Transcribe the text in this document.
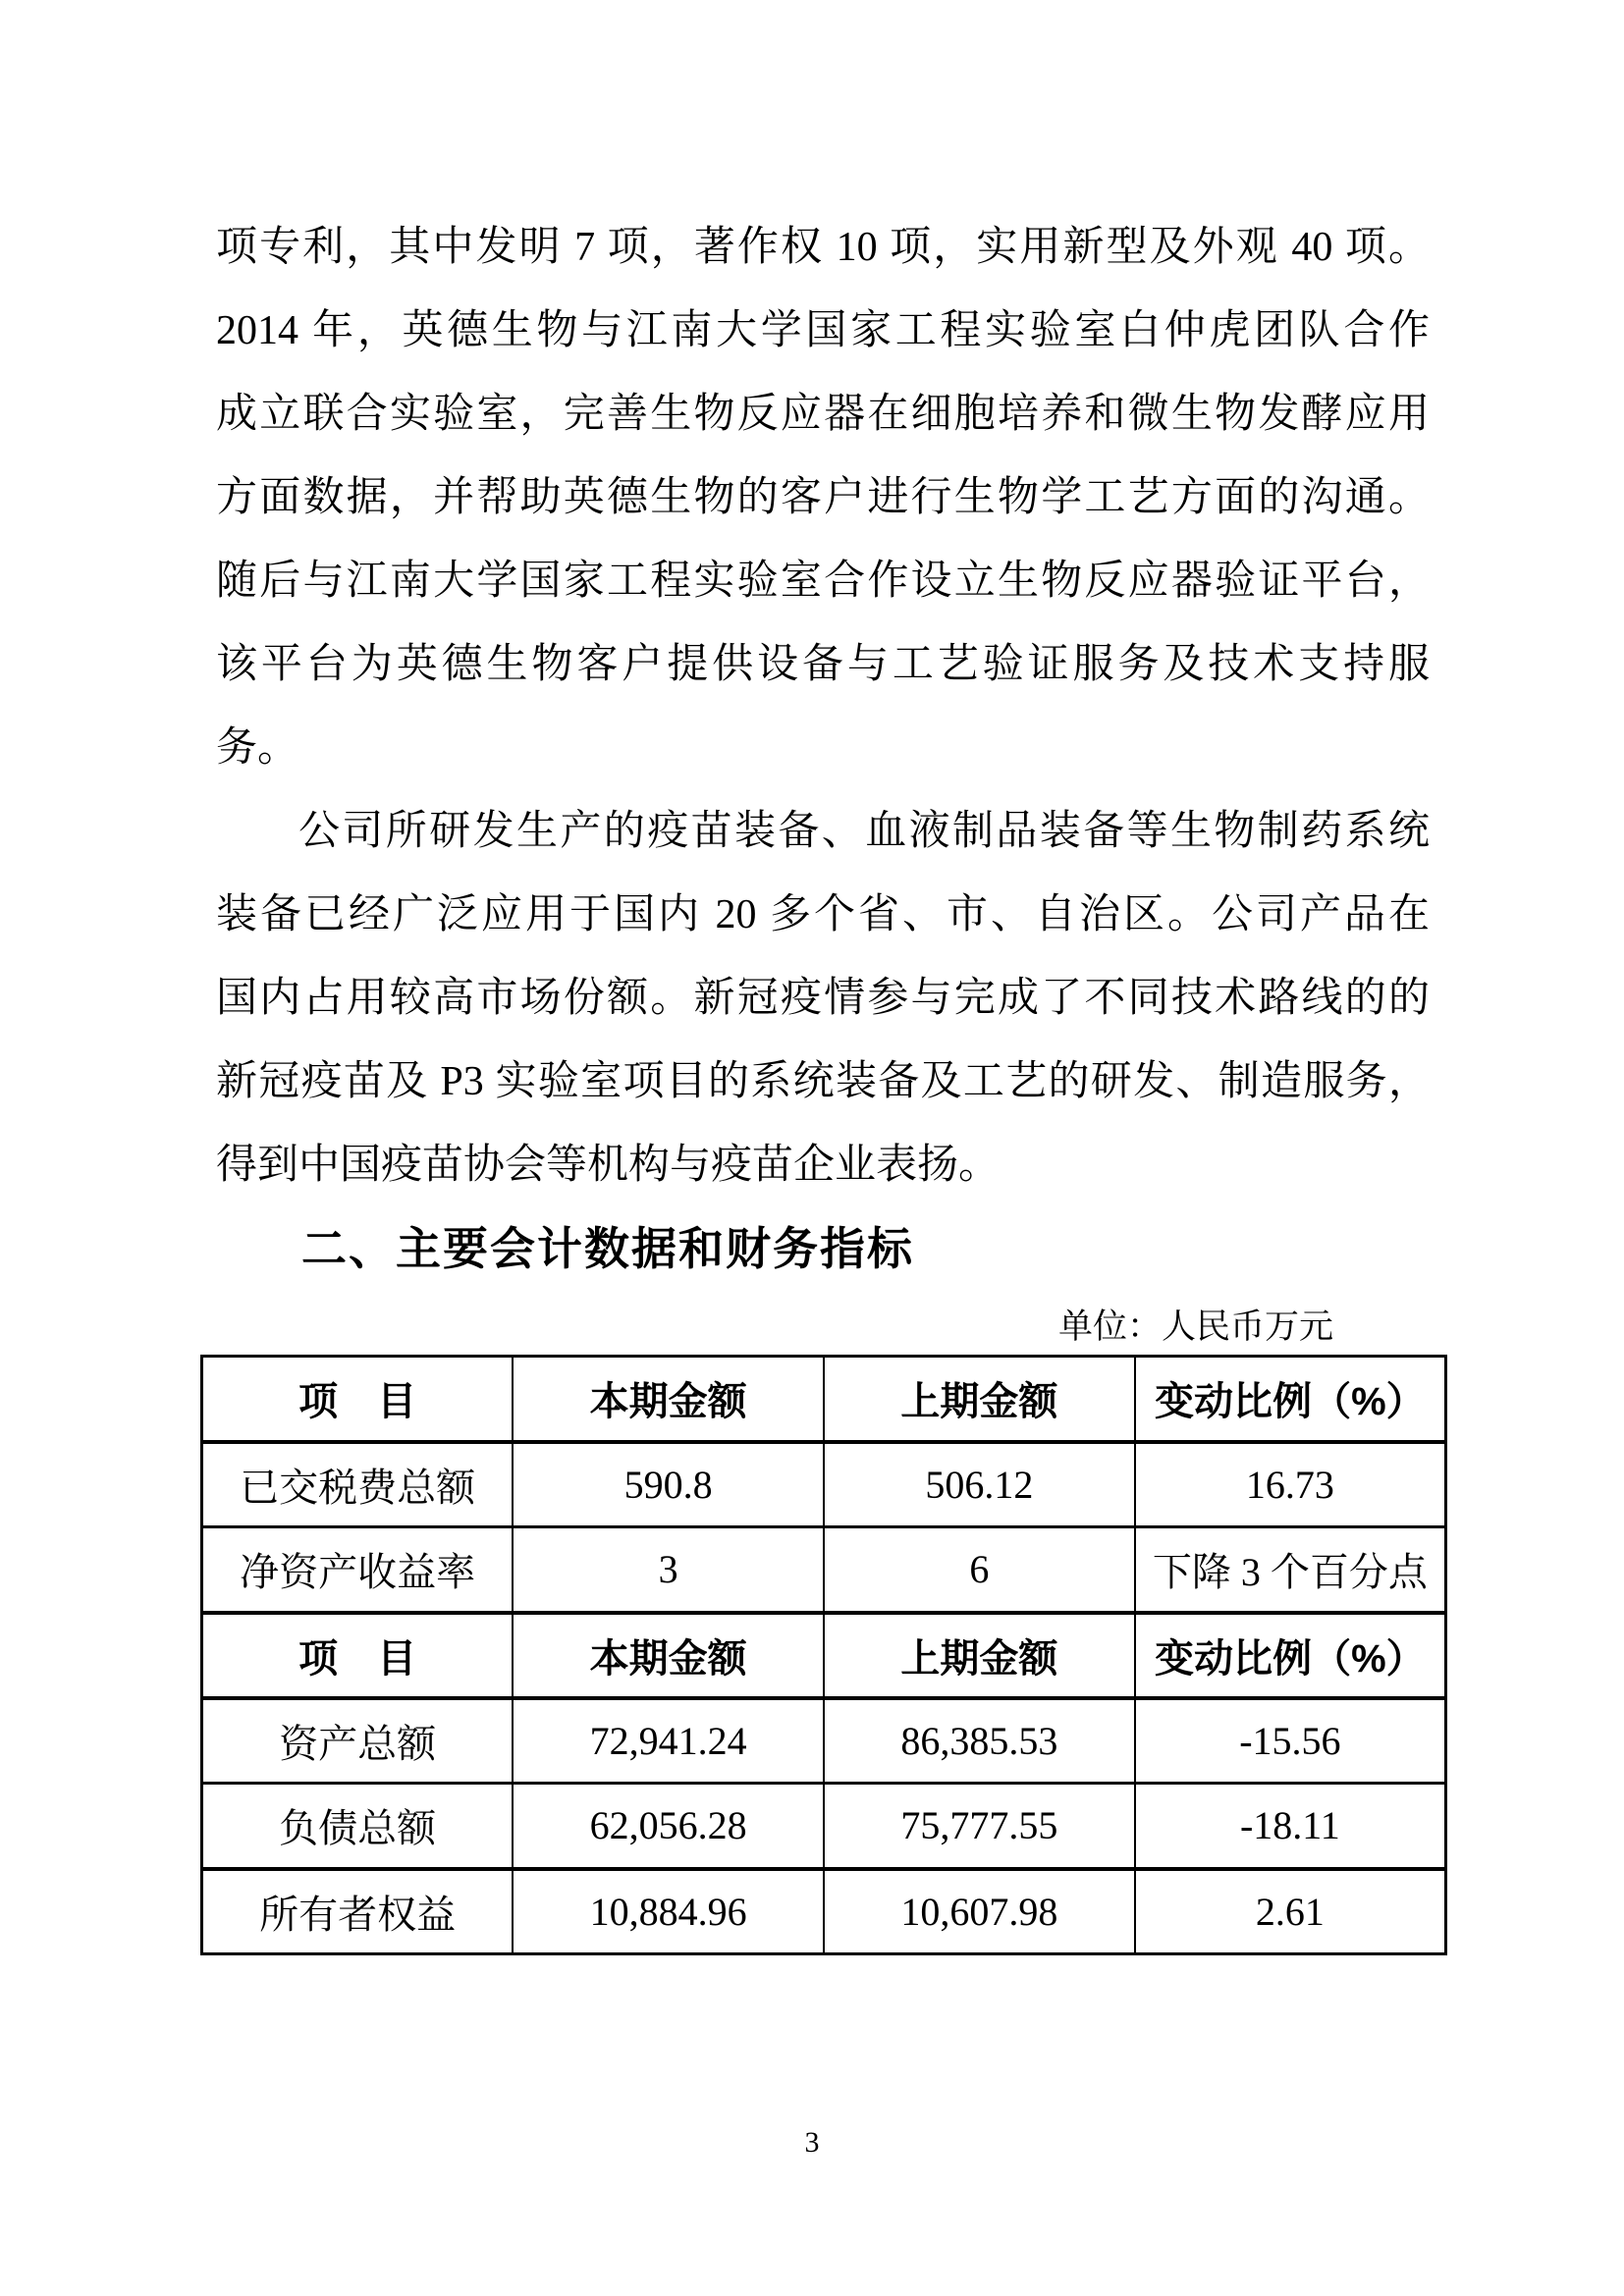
项专利，其中发明 7 项，著作权 10 项，实用新型及外观 40 项。
2014 年，英德生物与江南大学国家工程实验室白仲虎团队合作
成立联合实验室，完善生物反应器在细胞培养和微生物发酵应用
方面数据，并帮助英德生物的客户进行生物学工艺方面的沟通。
随后与江南大学国家工程实验室合作设立生物反应器验证平台，
该平台为英德生物客户提供设备与工艺验证服务及技术支持服
务。
公司所研发生产的疫苗装备、血液制品装备等生物制药系统
装备已经广泛应用于国内 20 多个省、市、自治区。公司产品在
国内占用较高市场份额。新冠疫情参与完成了不同技术路线的的
新冠疫苗及 P3 实验室项目的系统装备及工艺的研发、制造服务，
得到中国疫苗协会等机构与疫苗企业表扬。
二、主要会计数据和财务指标
单位：人民币万元
项　目	本期金额	上期金额	变动比例（%）
已交税费总额	590.8	506.12	16.73
净资产收益率	3	6	下降 3 个百分点
项　目	本期金额	上期金额	变动比例（%）
资产总额	72,941.24	86,385.53	-15.56
负债总额	62,056.28	75,777.55	-18.11
所有者权益	10,884.96	10,607.98	2.61
3
